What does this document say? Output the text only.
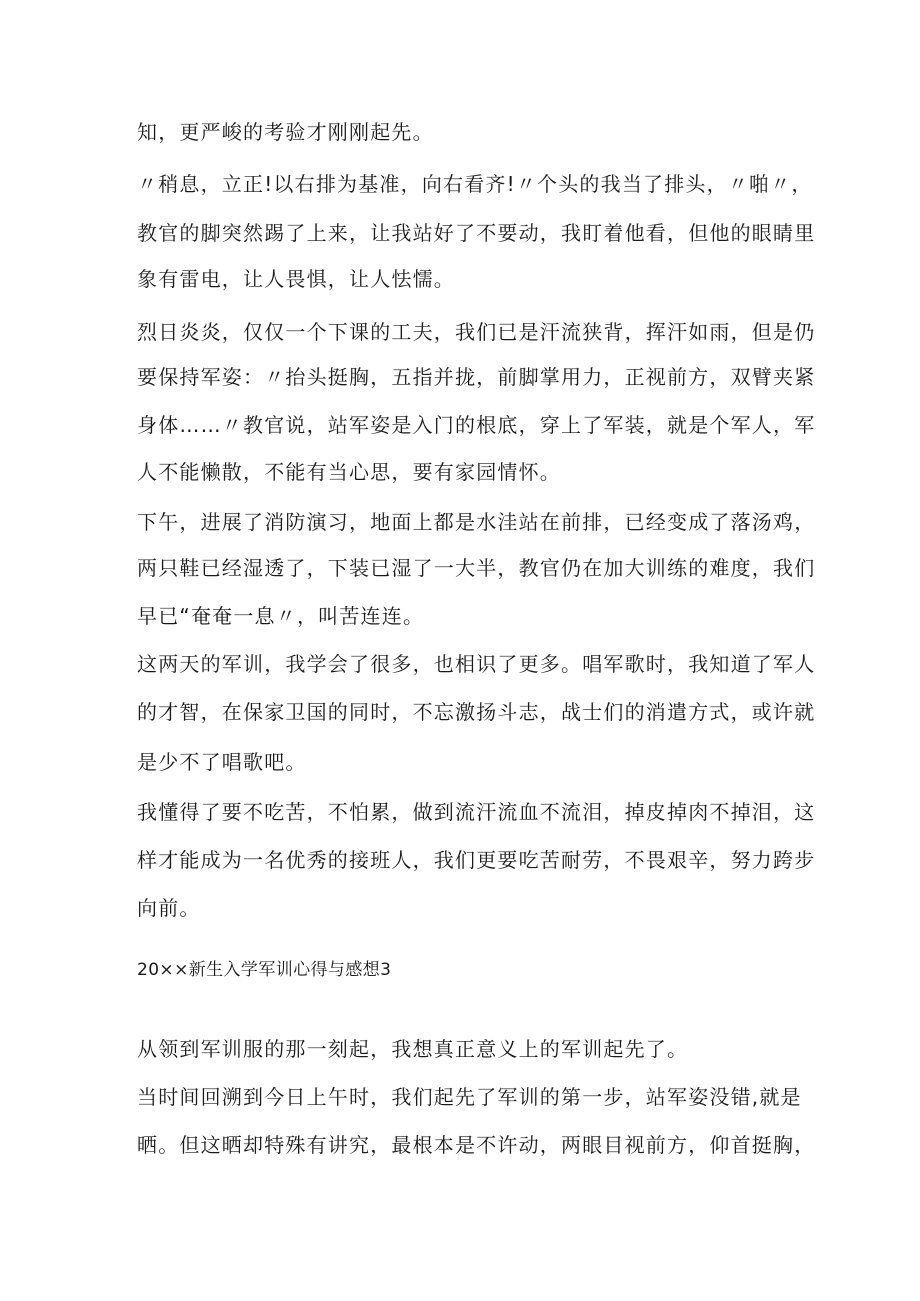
知，更严峻的考验才刚刚起先。
〃稍息，立正!以右排为基准，向右看齐!〃个头的我当了排头，〃啪〃，
教官的脚突然踢了上来，让我站好了不要动，我盯着他看，但他的眼睛里
象有雷电，让人畏惧，让人怯懦。
烈日炎炎，仅仅一个下课的工夫，我们已是汗流狭背，挥汗如雨，但是仍
要保持军姿：〃抬头挺胸，五指并拢，前脚掌用力，正视前方，双臂夹紧
身体……〃教官说，站军姿是入门的根底，穿上了军装，就是个军人，军
人不能懒散，不能有当心思，要有家园情怀。
下午，进展了消防演习，地面上都是水洼站在前排，已经变成了落汤鸡，
两只鞋已经湿透了，下装已湿了一大半，教官仍在加大训练的难度，我们
早已“奄奄一息〃，叫苦连连。
这两天的军训，我学会了很多，也相识了更多。唱军歌时，我知道了军人
的才智，在保家卫国的同时，不忘激扬斗志，战士们的消遣方式，或许就
是少不了唱歌吧。
我懂得了要不吃苦，不怕累，做到流汗流血不流泪，掉皮掉肉不掉泪，这
样才能成为一名优秀的接班人，我们更要吃苦耐劳，不畏艰辛，努力跨步
向前。
20××新生入学军训心得与感想3
从领到军训服的那一刻起，我想真正意义上的军训起先了。
当时间回溯到今日上午时，我们起先了军训的第一步，站军姿没错,就是
晒。但这晒却特殊有讲究，最根本是不许动，两眼目视前方，仰首挺胸，
